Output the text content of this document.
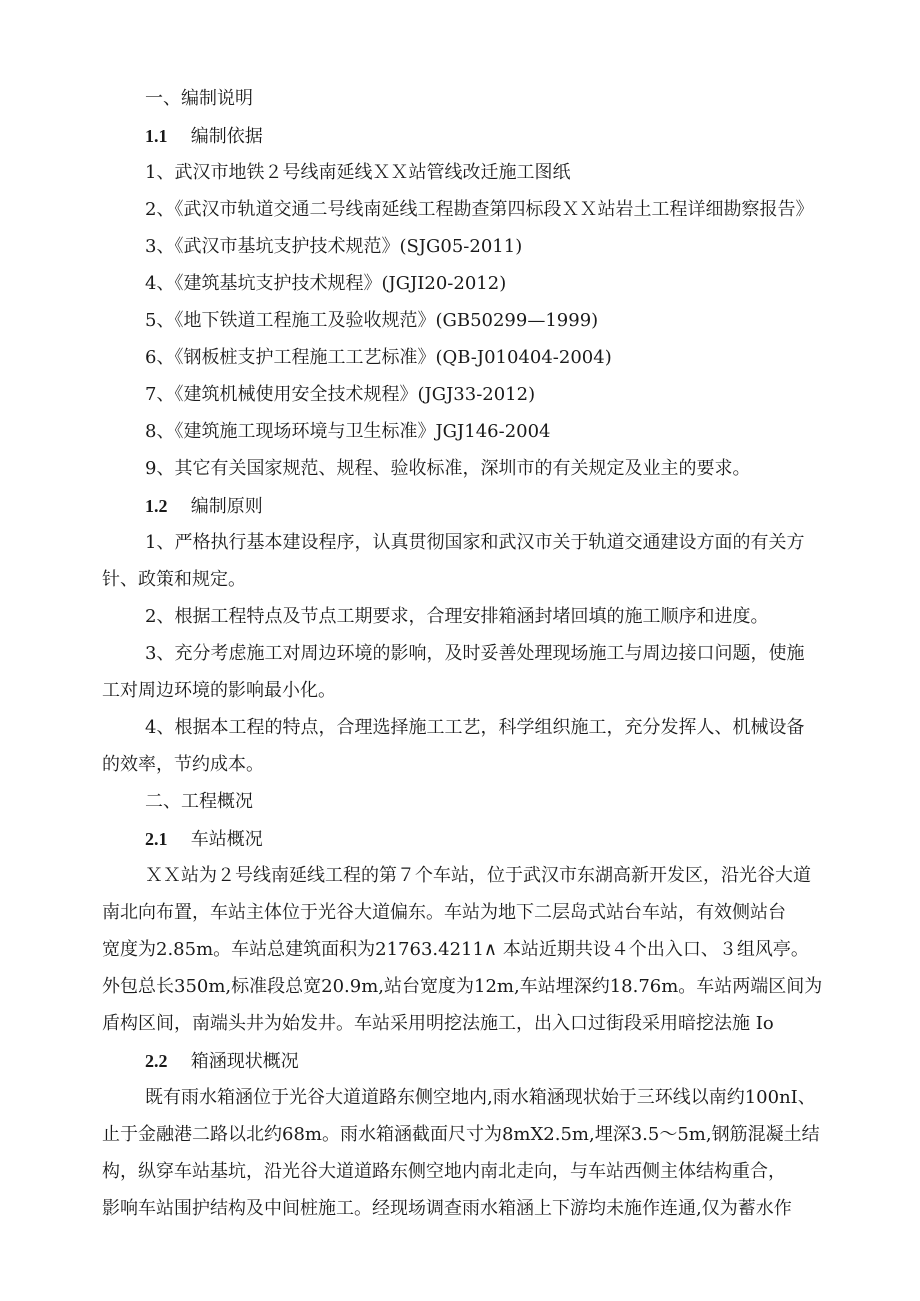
一、编制说明
1.1 编制依据
1、武汉市地铁２号线南延线ＸＸ站管线改迁施工图纸
2、《武汉市轨道交通二号线南延线工程勘查第四标段ＸＸ站岩土工程详细勘察报告》
3、《武汉市基坑支护技术规范》(SJG05-2011)
4、《建筑基坑支护技术规程》(JGJI20-2012)
5、《地下铁道工程施工及验收规范》(GB50299—1999)
6、《钢板桩支护工程施工工艺标准》(QB-J010404-2004)
7、《建筑机械使用安全技术规程》(JGJ33-2012)
8、《建筑施工现场环境与卫生标准》JGJ146-2004
9、其它有关国家规范、规程、验收标准，深圳市的有关规定及业主的要求。
1.2 编制原则
1、严格执行基本建设程序，认真贯彻国家和武汉市关于轨道交通建设方面的有关方
针、政策和规定。
2、根据工程特点及节点工期要求，合理安排箱涵封堵回填的施工顺序和进度。
3、充分考虑施工对周边环境的影响，及时妥善处理现场施工与周边接口问题，使施
工对周边环境的影响最小化。
4、根据本工程的特点，合理选择施工工艺，科学组织施工，充分发挥人、机械设备
的效率，节约成本。
二、工程概况
2.1 车站概况
ＸＸ站为２号线南延线工程的第７个车站，位于武汉市东湖高新开发区，沿光谷大道
南北向布置，车站主体位于光谷大道偏东。车站为地下二层岛式站台车站，有效侧站台
宽度为2.85m。车站总建筑面积为21763.4211∧ 本站近期共设４个出入口、３组风亭。
外包总长350m,标准段总宽20.9m,站台宽度为12m,车站埋深约18.76m。车站两端区间为
盾构区间，南端头井为始发井。车站采用明挖法施工，出入口过街段采用暗挖法施 Io
2.2 箱涵现状概况
既有雨水箱涵位于光谷大道道路东侧空地内,雨水箱涵现状始于三环线以南约100nI、
止于金融港二路以北约68m。雨水箱涵截面尺寸为8mX2.5m,埋深3.5～5m,钢筋混凝土结
构，纵穿车站基坑，沿光谷大道道路东侧空地内南北走向，与车站西侧主体结构重合，
影响车站围护结构及中间桩施工。经现场调查雨水箱涵上下游均未施作连通,仅为蓄水作
